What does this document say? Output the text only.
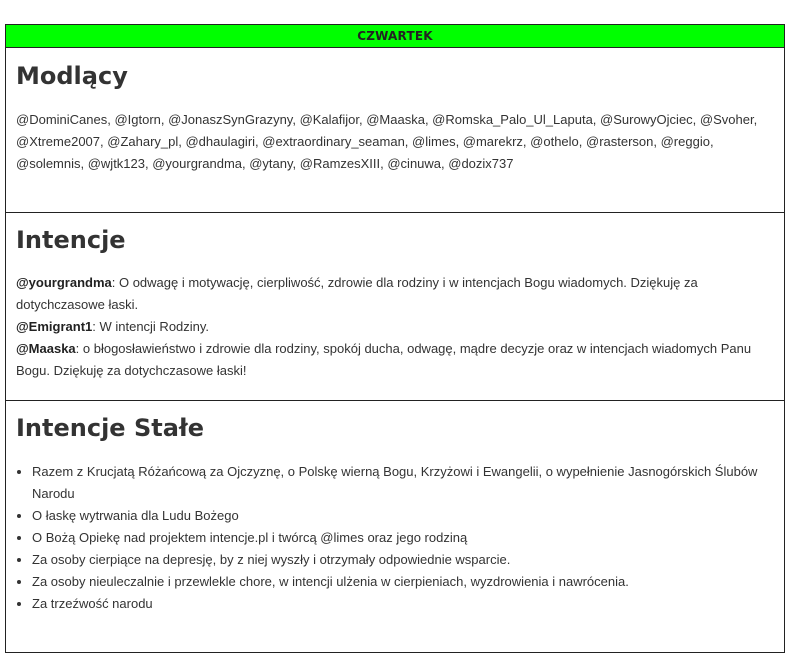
CZWARTEK
Modlący

@DominiCanes, @Igtorn, @JonaszSynGrazyny, @Kalafijor, @Maaska, @Romska_Palo_Ul_Laputa, @SurowyOjciec, @Svoher, @Xtreme2007, @Zahary_pl, @dhaulagiri, @extraordinary_seaman, @limes, @marekrz, @othelo, @rasterson, @reggio, @solemnis, @wjtk123, @yourgrandma, @ytany, @RamzesXIII, @cinuwa, @dozix737

Intencje
@yourgrandma: O odwagę i motywację, cierpliwość, zdrowie dla rodziny i w intencjach Bogu wiadomych. Dziękuję za dotychczasowe łaski.
@Emigrant1: W intencji Rodziny.
@Maaska: o błogosławieństwo i zdrowie dla rodziny, spokój ducha, odwagę, mądre decyzje oraz w intencjach wiadomych Panu Bogu. Dziękuję za dotychczasowe łaski!
Intencje Stałe
• Razem z Krucjatą Różańcową za Ojczyznę, o Polskę wierną Bogu, Krzyżowi i Ewangelii, o wypełnienie Jasnogórskich Ślubów Narodu
• O łaskę wytrwania dla Ludu Bożego
• O Bożą Opiekę nad projektem intencje.pl i twórcą @limes oraz jego rodziną
• Za osoby cierpiące na depresję, by z niej wyszły i otrzymały odpowiednie wsparcie.
• Za osoby nieuleczalnie i przewlekle chore, w intencji ulżenia w cierpieniach, wyzdrowienia i nawrócenia.
• Za trzeźwość narodu
